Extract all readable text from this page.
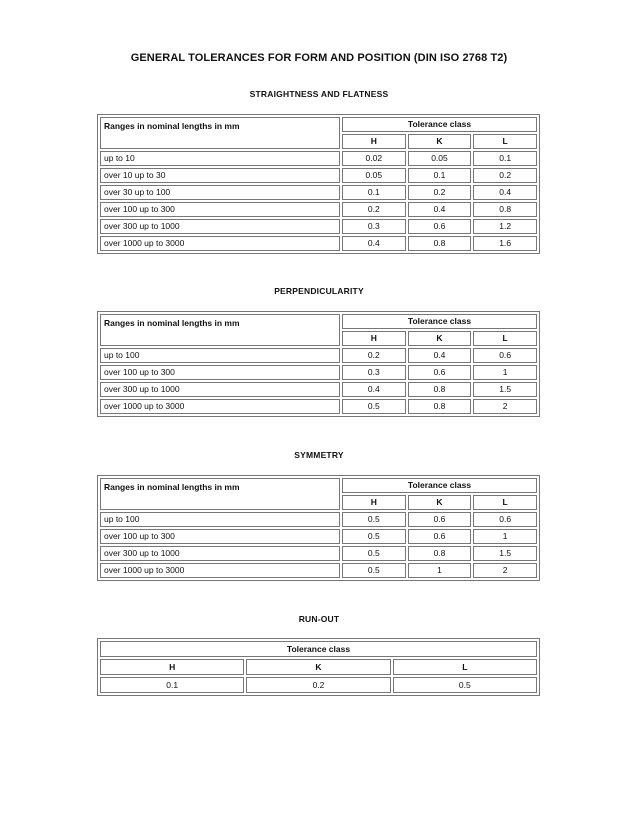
GENERAL TOLERANCES FOR FORM AND POSITION (DIN ISO 2768 T2)
STRAIGHTNESS AND FLATNESS
Ranges in nominal lengths in mm	Tolerance class		
	H	K	L
up to 10	0.02	0.05	0.1
over 10 up to 30	0.05	0.1	0.2
over 30 up to 100	0.1	0.2	0.4
over 100 up to 300	0.2	0.4	0.8
over 300 up to 1000	0.3	0.6	1.2
over 1000 up to 3000	0.4	0.8	1.6
PERPENDICULARITY
Ranges in nominal lengths in mm	Tolerance class		
	H	K	L
up to 100	0.2	0.4	0.6
over 100 up to 300	0.3	0.6	1
over 300 up to 1000	0.4	0.8	1.5
over 1000 up to 3000	0.5	0.8	2
SYMMETRY
Ranges in nominal lengths in mm	Tolerance class		
	H	K	L
up to 100	0.5	0.6	0.6
over 100 up to 300	0.5	0.6	1
over 300 up to 1000	0.5	0.8	1.5
over 1000 up to 3000	0.5	1	2
RUN-OUT
Tolerance class		
H	K	L
0.1	0.2	0.5
